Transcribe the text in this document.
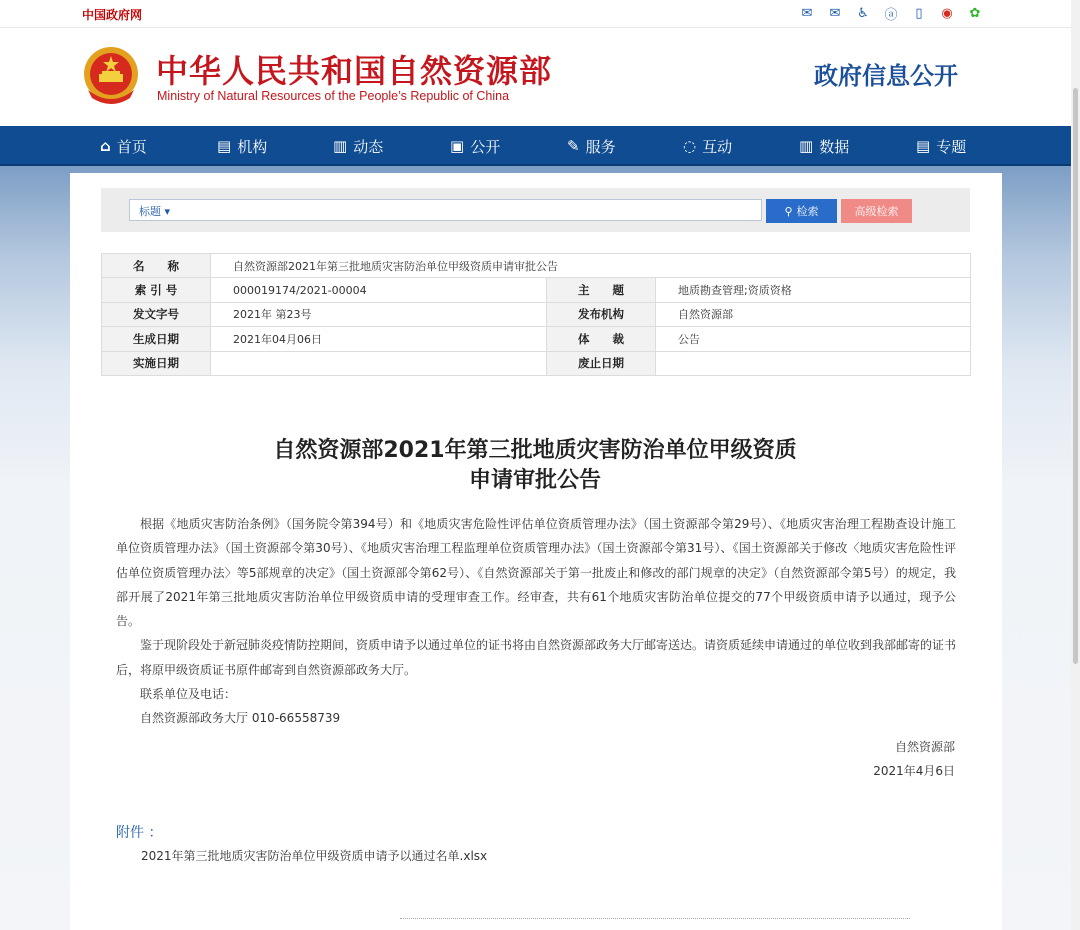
中国政府网	✉ ✉ ♿ ⓐ	▯	◉ ✿
中华人民共和国自然资源部
Ministry of Natural Resources of the People’s Republic of China
政府信息公开
⌂ 首页	▤ 机构	▥ 动态	▣ 公开	✎ 服务	◌ 互动	▥ 数据	▤ 专题
标题 ▾	⚲ 检索	高级检索
名　　称	自然资源部2021年第三批地质灾害防治单位甲级资质申请审批公告		
索 引 号	000019174/2021-00004	主　　题	地质勘查管理;资质资格
发文字号	2021年 第23号	发布机构	自然资源部
生成日期	2021年04月06日	体　　裁	公告
实施日期		废止日期	
自然资源部2021年第三批地质灾害防治单位甲级资质
申请审批公告

根据《地质灾害防治条例》（国务院令第394号）和《地质灾害危险性评估单位资质管理办法》（国土资源部令第29号）、《地质灾害治理工程勘查设计施工单位资质管理办法》（国土资源部令第30号）、《地质灾害治理工程监理单位资质管理办法》（国土资源部令第31号）、《国土资源部关于修改〈地质灾害危险性评估单位资质管理办法〉等5部规章的决定》（国土资源部令第62号）、《自然资源部关于第一批废止和修改的部门规章的决定》（自然资源部令第5号）的规定，我部开展了2021年第三批地质灾害防治单位甲级资质申请的受理审查工作。经审查，共有61个地质灾害防治单位提交的77个甲级资质申请予以通过，现予公告。

鉴于现阶段处于新冠肺炎疫情防控期间，资质申请予以通过单位的证书将由自然资源部政务大厅邮寄送达。请资质延续申请通过的单位收到我部邮寄的证书后，将原甲级资质证书原件邮寄到自然资源部政务大厅。

联系单位及电话：

自然资源部政务大厅 010-66558739

自然资源部
2021年4月6日
附件 ：
2021年第三批地质灾害防治单位甲级资质申请予以通过名单.xlsx
